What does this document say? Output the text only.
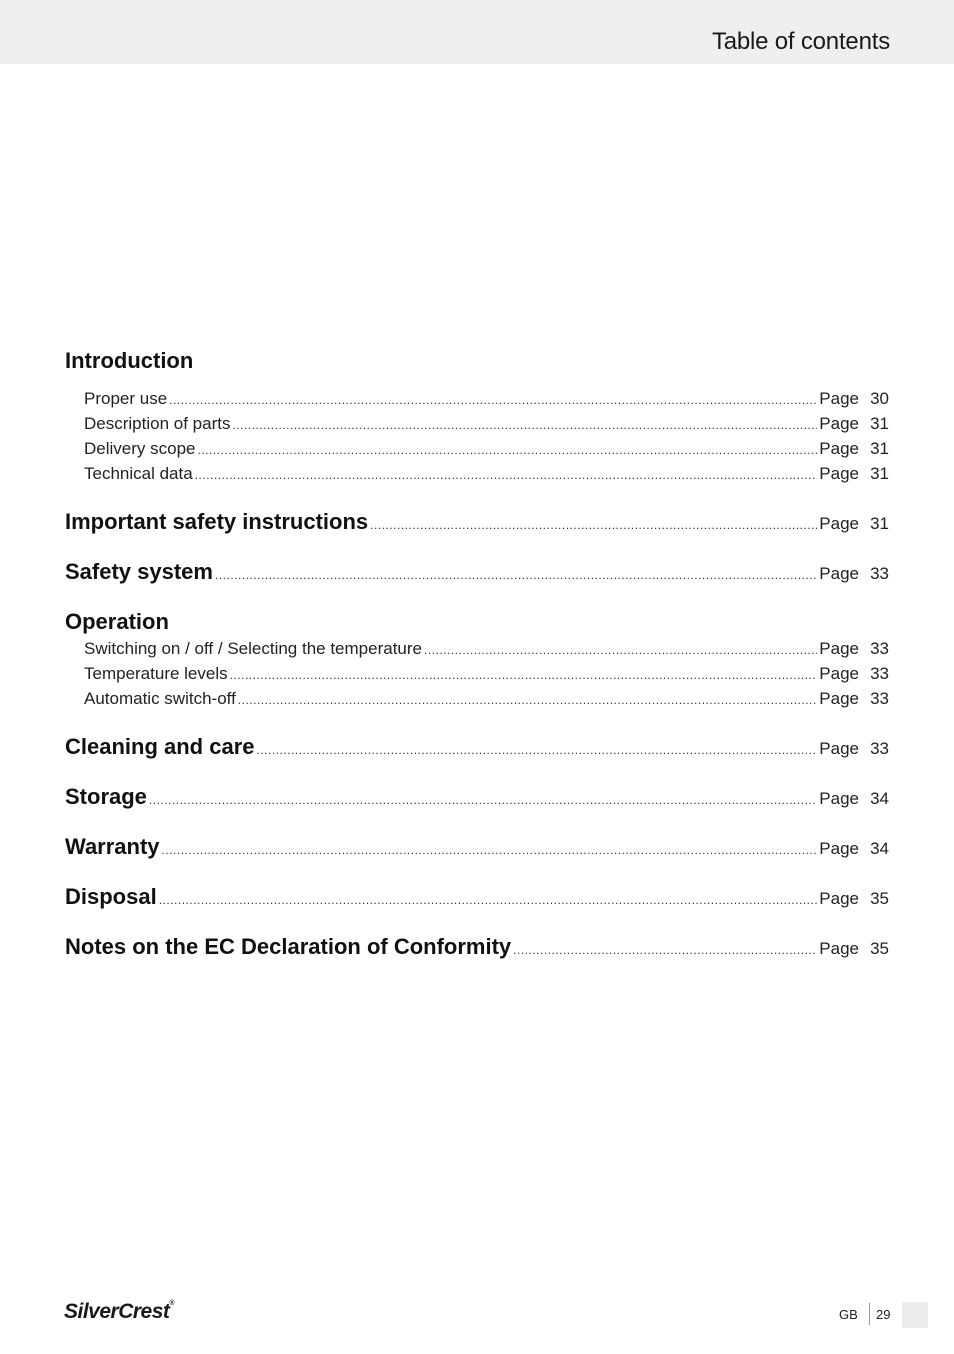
Table of contents
Introduction
Proper use .....	Page 30
Description of parts .....	Page 31
Delivery scope .....	Page 31
Technical data .....	Page 31
Important safety instructions .....	Page 31
Safety system .....	Page 33
Operation
Switching on / off / Selecting the temperature .....	Page 33
Temperature levels .....	Page 33
Automatic switch-off .....	Page 33
Cleaning and care .....	Page 33
Storage .....	Page 34
Warranty .....	Page 34
Disposal .....	Page 35
Notes on the EC Declaration of Conformity .....	Page 35
SilverCrest®
GB 29
